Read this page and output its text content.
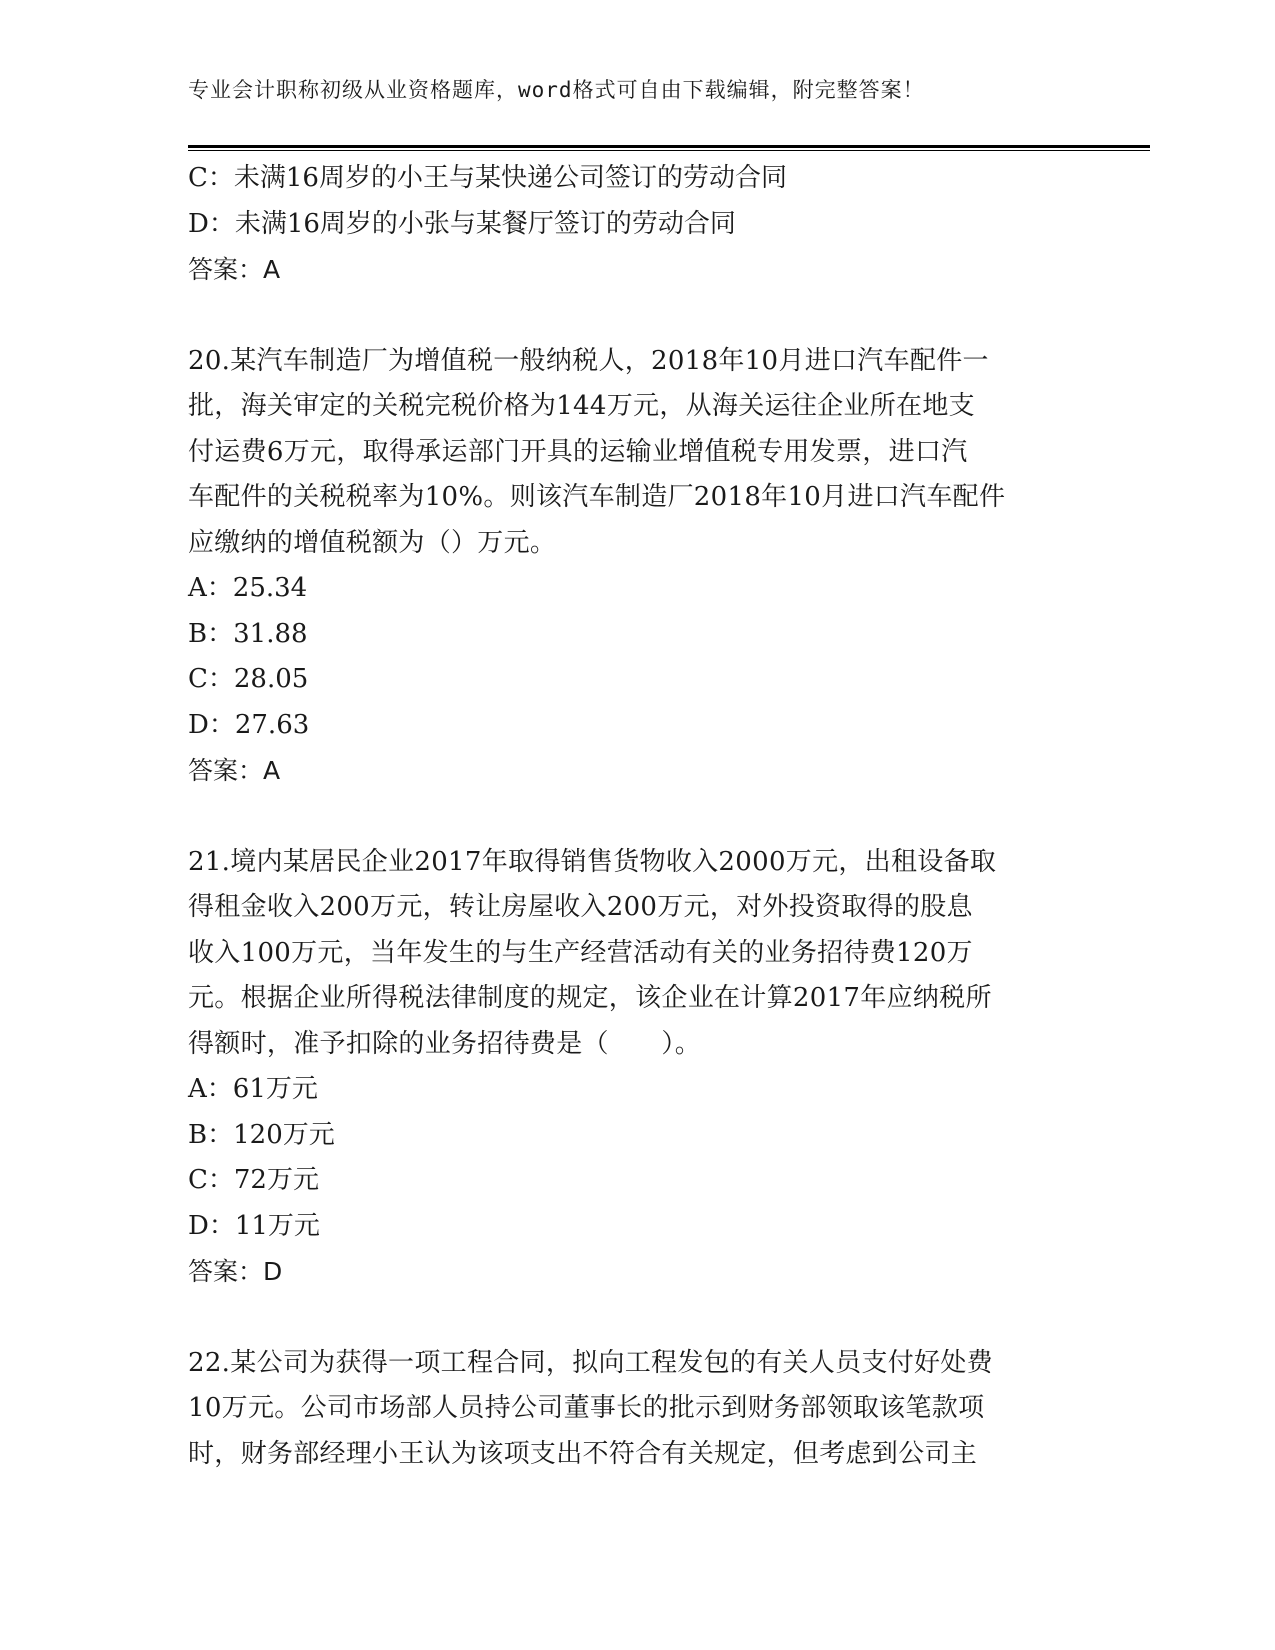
专业会计职称初级从业资格题库，word格式可自由下载编辑，附完整答案！
C：未满16周岁的小王与某快递公司签订的劳动合同
D：未满16周岁的小张与某餐厅签订的劳动合同
答案：A
20.某汽车制造厂为增值税一般纳税人，2018年10月进口汽车配件一
批，海关审定的关税完税价格为144万元，从海关运往企业所在地支
付运费6万元，取得承运部门开具的运输业增值税专用发票，进口汽
车配件的关税税率为10%。则该汽车制造厂2018年10月进口汽车配件
应缴纳的增值税额为（）万元。
A：25.34
B：31.88
C：28.05
D：27.63
答案：A
21.境内某居民企业2017年取得销售货物收入2000万元，出租设备取
得租金收入200万元，转让房屋收入200万元，对外投资取得的股息
收入100万元，当年发生的与生产经营活动有关的业务招待费120万
元。根据企业所得税法律制度的规定，该企业在计算2017年应纳税所
得额时，准予扣除的业务招待费是（　　）。
A：61万元
B：120万元
C：72万元
D：11万元
答案：D
22.某公司为获得一项工程合同，拟向工程发包的有关人员支付好处费
10万元。公司市场部人员持公司董事长的批示到财务部领取该笔款项
时，财务部经理小王认为该项支出不符合有关规定，但考虑到公司主
